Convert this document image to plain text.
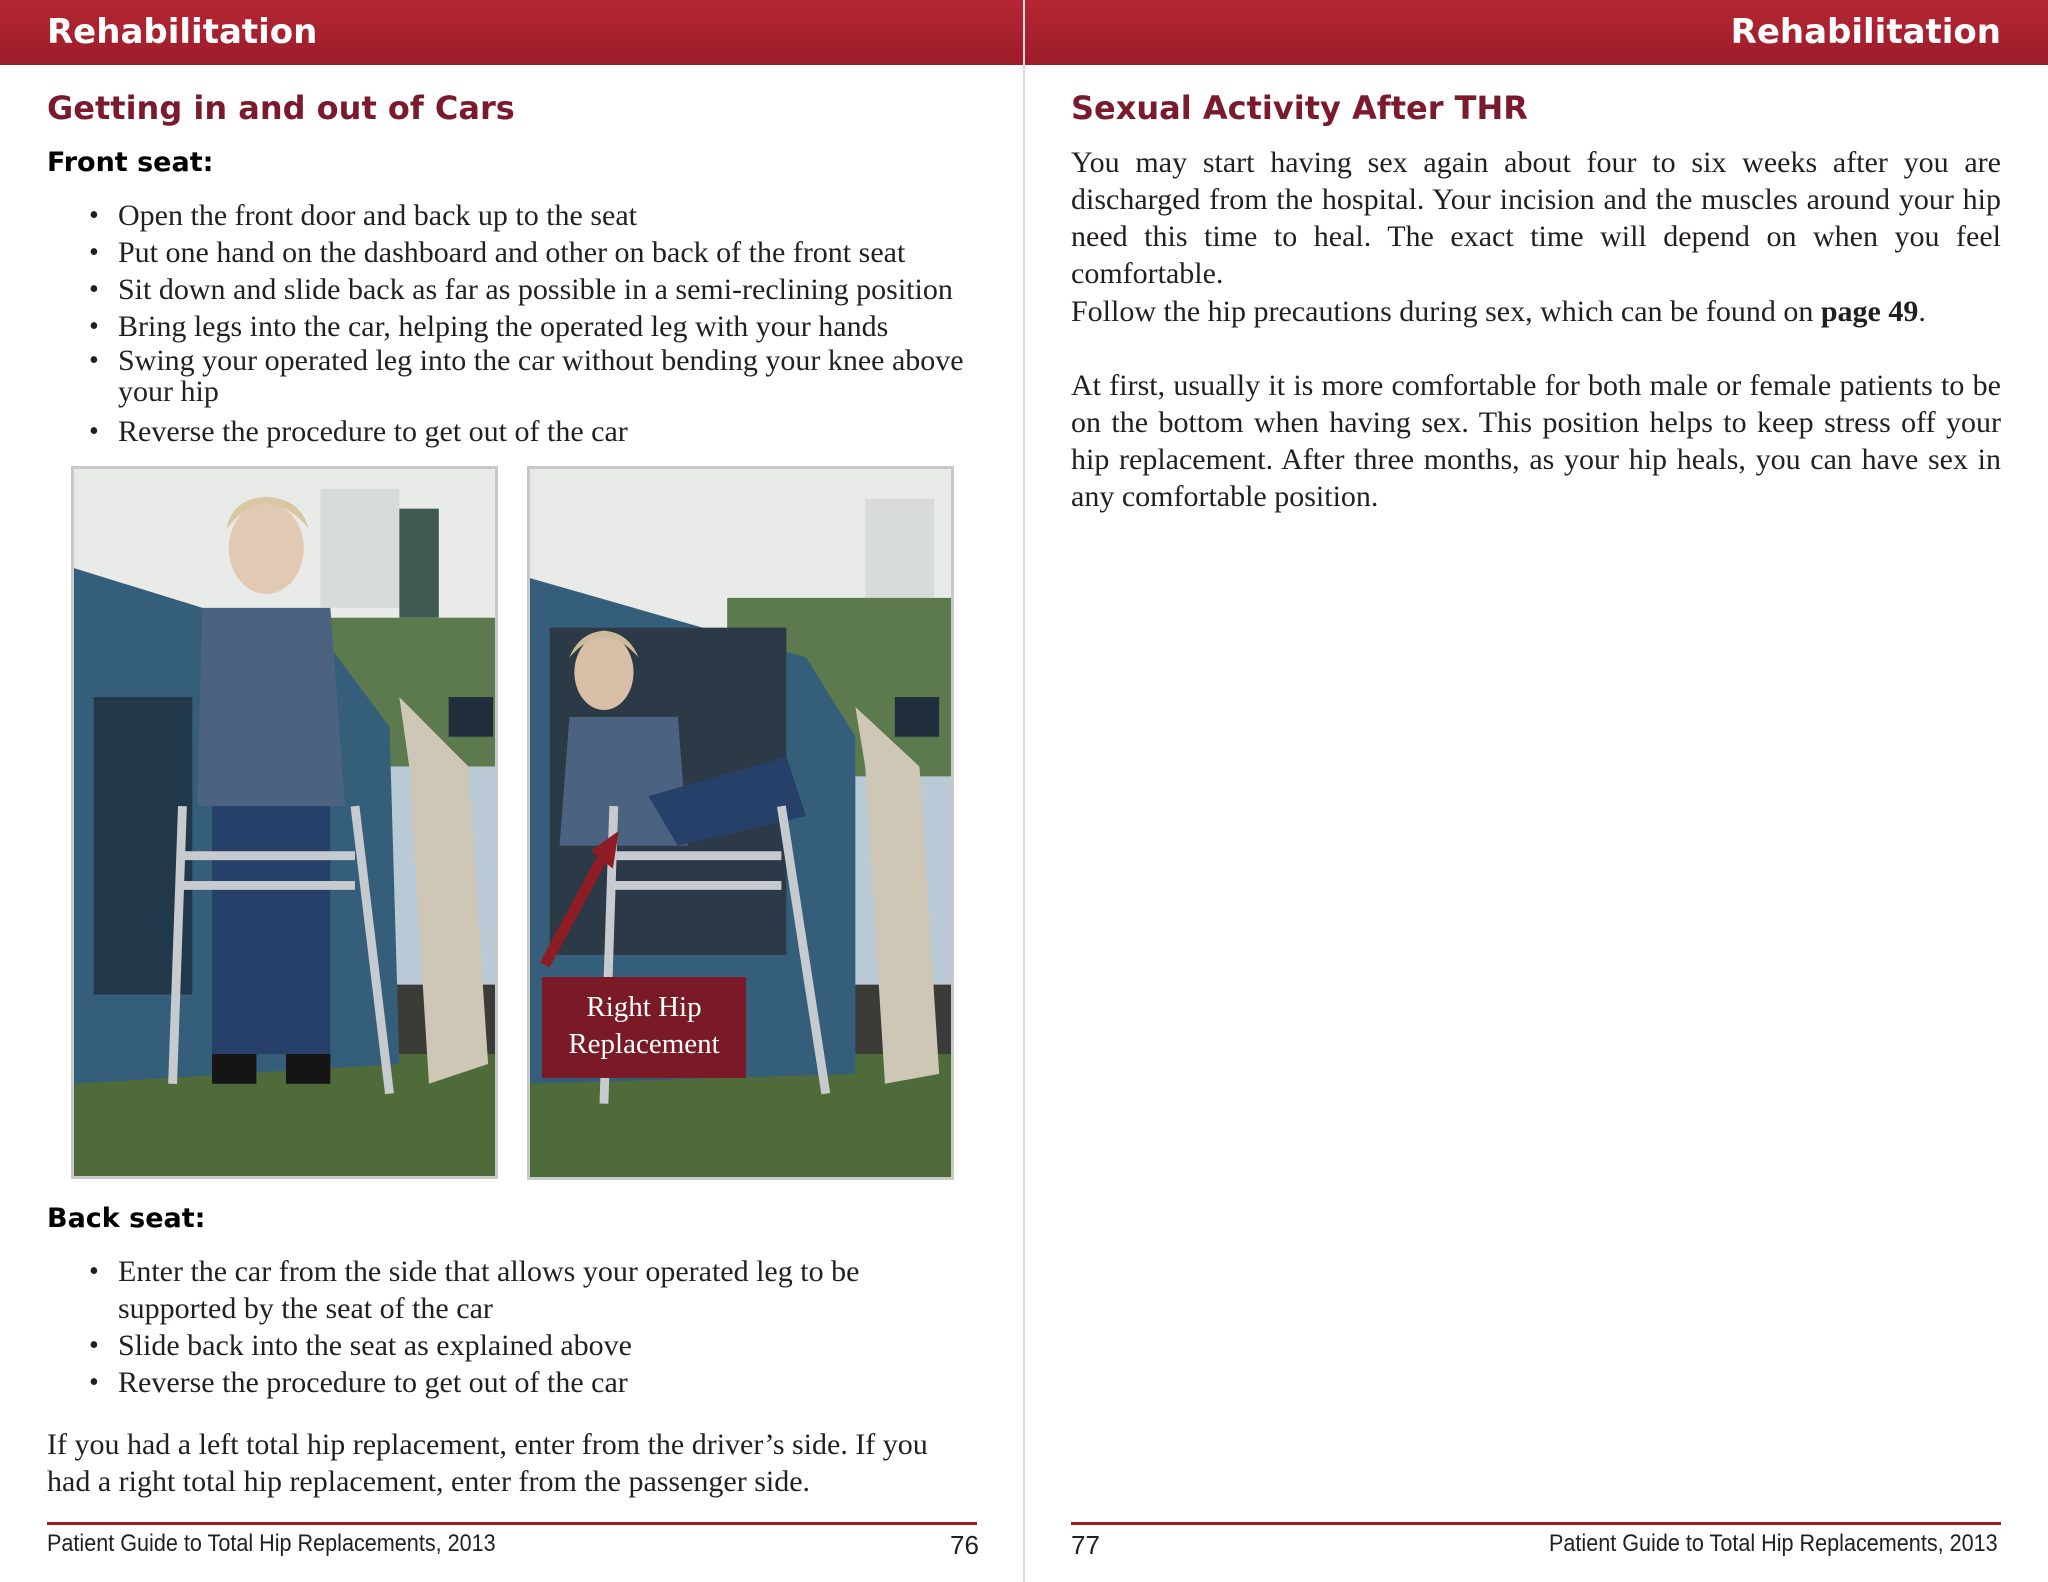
Rehabilitation
Getting in and out of Cars
Front seat:
• Open the front door and back up to the seat
• Put one hand on the dashboard and other on back of the front seat
• Sit down and slide back as far as possible in a semi-reclining position
• Bring legs into the car, helping the operated leg with your hands
• Swing your operated leg into the car without bending your knee above your hip
• Reverse the procedure to get out of the car
Right Hip Replacement
Back seat:
• Enter the car from the side that allows your operated leg to be supported by the seat of the car
• Slide back into the seat as explained above
• Reverse the procedure to get out of the car
If you had a left total hip replacement, enter from the driver’s side. If you had a right total hip replacement, enter from the passenger side.
Patient Guide to Total Hip Replacements, 2013	76
Rehabilitation
Sexual Activity After THR
You may start having sex again about four to six weeks after you are discharged from the hospital. Your incision and the muscles around your hip need this time to heal. The exact time will depend on when you feel comfortable.
Follow the hip precautions during sex, which can be found on page 49.
At first, usually it is more comfortable for both male or female patients to be on the bottom when having sex. This position helps to keep stress off your hip replacement. After three months, as your hip heals, you can have sex in any comfortable position.
77	Patient Guide to Total Hip Replacements, 2013
